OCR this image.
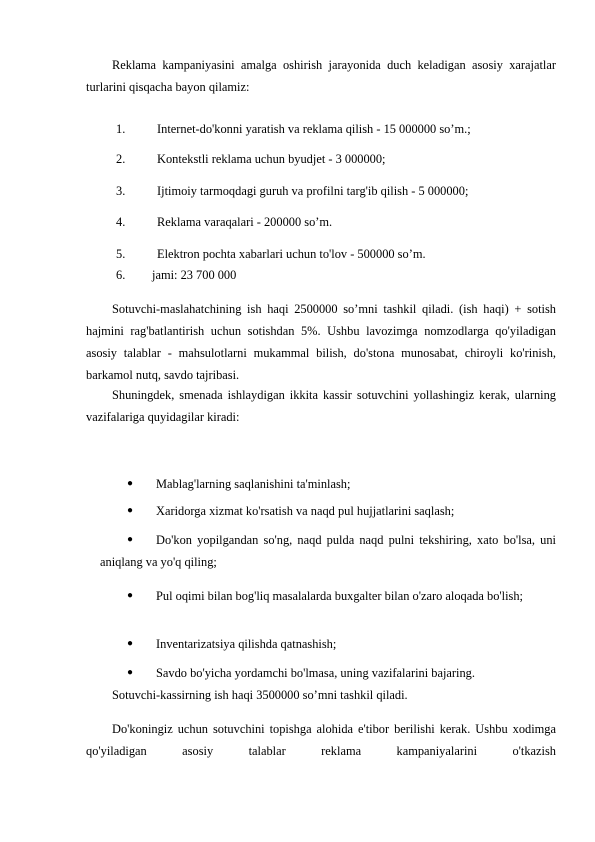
Reklama kampaniyasini amalga oshirish jarayonida duch keladigan asosiy xarajatlar turlarini qisqacha bayon qilamiz:
1.	Internet-do'konni yaratish va reklama qilish - 15 000000 so’m.;
2.	Kontekstli reklama uchun byudjet - 3 000000;
3.	Ijtimoiy tarmoqdagi guruh va profilni targ'ib qilish - 5 000000;
4.	Reklama varaqalari - 200000 so’m.
5.	Elektron pochta xabarlari uchun to'lov - 500000 so’m.
6. jami: 23 700 000
Sotuvchi-maslahatchining ish haqi 2500000 so’mni tashkil qiladi. (ish haqi) + sotish hajmini rag'batlantirish uchun sotishdan 5%. Ushbu lavozimga nomzodlarga qo'yiladigan asosiy talablar - mahsulotlarni mukammal bilish, do'stona munosabat, chiroyli ko'rinish, barkamol nutq, savdo tajribasi.
Shuningdek, smenada ishlaydigan ikkita kassir sotuvchini yollashingiz kerak, ularning vazifalariga quyidagilar kiradi:
●	Mablag'larning saqlanishini ta'minlash;
●	Xaridorga xizmat ko'rsatish va naqd pul hujjatlarini saqlash;
●	Do'kon yopilgandan so'ng, naqd pulda naqd pulni tekshiring, xato bo'lsa, uni aniqlang va yo'q qiling;
●	Pul oqimi bilan bog'liq masalalarda buxgalter bilan o'zaro aloqada bo'lish;
●	Inventarizatsiya qilishda qatnashish;
●	Savdo bo'yicha yordamchi bo'lmasa, uning vazifalarini bajaring.
Sotuvchi-kassirning ish haqi 3500000 so’mni tashkil qiladi.
Do'koningiz uchun sotuvchini topishga alohida e'tibor berilishi kerak. Ushbu xodimga qo'yiladigan asosiy talablar reklama kampaniyalarini o'tkazish
